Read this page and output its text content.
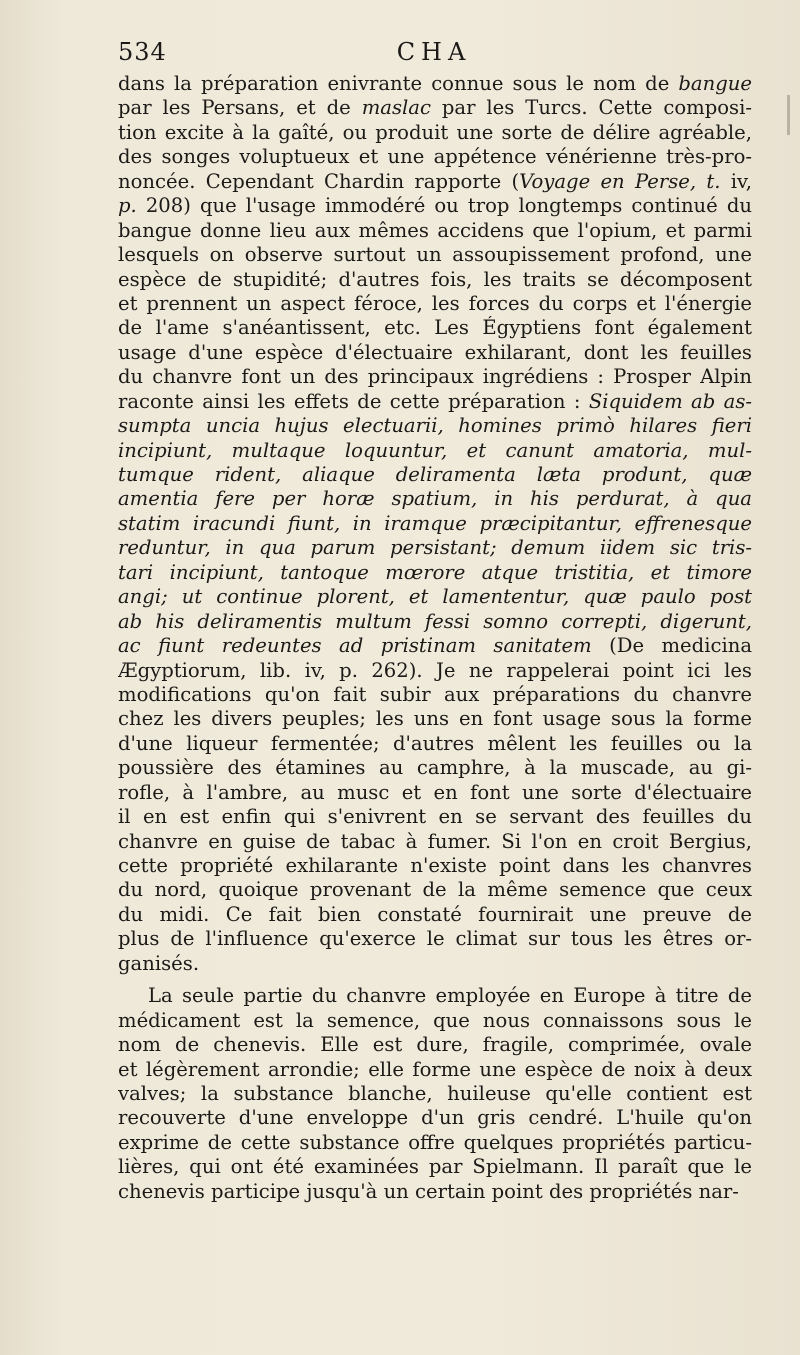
534	CHA
dans la préparation enivrante connue sous le nom de bangue
par les Persans, et de maslac par les Turcs. Cette composi-
tion excite à la gaîté, ou produit une sorte de délire agréable,
des songes voluptueux et une appétence vénérienne très-pro-
noncée. Cependant Chardin rapporte (Voyage en Perse, t. iv,
p. 208) que l'usage immodéré ou trop longtemps continué du
bangue donne lieu aux mêmes accidens que l'opium, et parmi
lesquels on observe surtout un assoupissement profond, une
espèce de stupidité; d'autres fois, les traits se décomposent
et prennent un aspect féroce, les forces du corps et l'énergie
de l'ame s'anéantissent, etc. Les Égyptiens font également
usage d'une espèce d'électuaire exhilarant, dont les feuilles
du chanvre font un des principaux ingrédiens : Prosper Alpin
raconte ainsi les effets de cette préparation : Siquidem ab as-
sumpta uncia hujus electuarii, homines primò hilares fieri
incipiunt, multaque loquuntur, et canunt amatoria, mul-
tumque rident, aliaque deliramenta læta produnt, quæ
amentia fere per horæ spatium, in his perdurat, à qua
statim iracundi fiunt, in iramque præcipitantur, effrenesque
reduntur, in qua parum persistant; demum iidem sic tris-
tari incipiunt, tantoque mœrore atque tristitia, et timore
angi; ut continue plorent, et lamententur, quæ paulo post
ab his deliramentis multum fessi somno correpti, digerunt,
ac fiunt redeuntes ad pristinam sanitatem (De medicina
Ægyptiorum, lib. iv, p. 262). Je ne rappelerai point ici les
modifications qu'on fait subir aux préparations du chanvre
chez les divers peuples; les uns en font usage sous la forme
d'une liqueur fermentée; d'autres mêlent les feuilles ou la
poussière des étamines au camphre, à la muscade, au gi-
rofle, à l'ambre, au musc et en font une sorte d'électuaire
il en est enfin qui s'enivrent en se servant des feuilles du
chanvre en guise de tabac à fumer. Si l'on en croit Bergius,
cette propriété exhilarante n'existe point dans les chanvres
du nord, quoique provenant de la même semence que ceux
du midi. Ce fait bien constaté fournirait une preuve de
plus de l'influence qu'exerce le climat sur tous les êtres or-
ganisés.
La seule partie du chanvre employée en Europe à titre de
médicament est la semence, que nous connaissons sous le
nom de chenevis. Elle est dure, fragile, comprimée, ovale
et légèrement arrondie; elle forme une espèce de noix à deux
valves; la substance blanche, huileuse qu'elle contient est
recouverte d'une enveloppe d'un gris cendré. L'huile qu'on
exprime de cette substance offre quelques propriétés particu-
lières, qui ont été examinées par Spielmann. Il paraît que le
chenevis participe jusqu'à un certain point des propriétés nar-
